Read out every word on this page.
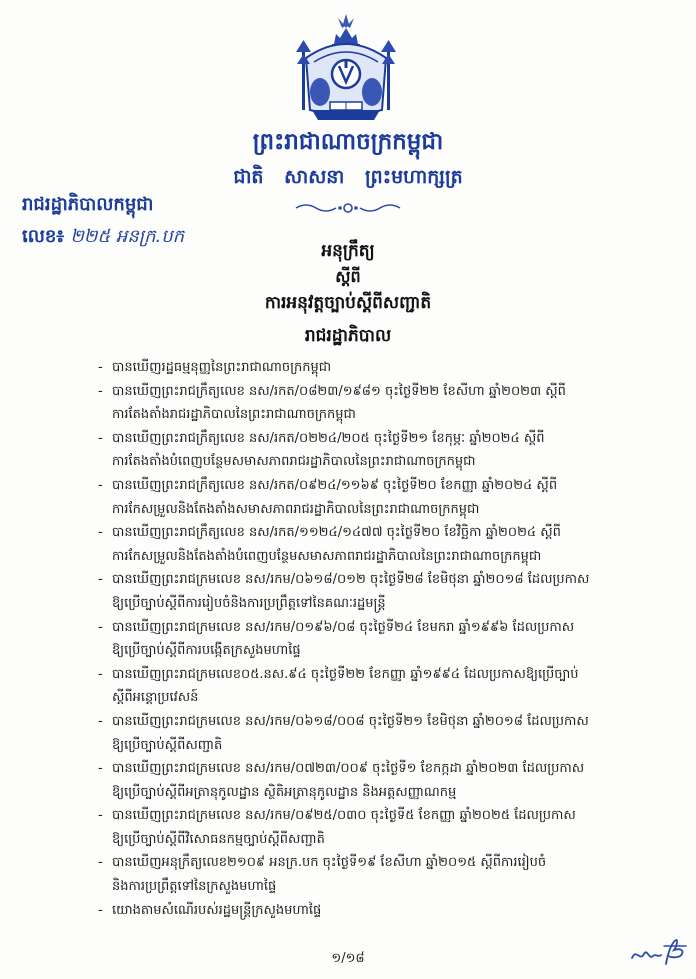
ព្រះរាជាណាចក្រកម្ពុជា
ជាតិ សាសនា ព្រះមហាក្សត្រ
រាជរដ្ឋាភិបាលកម្ពុជា
លេខ៖ ២២៥ អនក្រ.បក
អនុក្រឹត្យ
ស្តីពី
ការអនុវត្តច្បាប់ស្តីពីសញ្ជាតិ
រាជរដ្ឋាភិបាល
- បានឃើញរដ្ឋធម្មនុញ្ញនៃព្រះរាជាណាចក្រកម្ពុជា
- បានឃើញព្រះរាជក្រឹត្យលេខ នស/រកត/០៨២៣/១៩៨១ ចុះថ្ងៃទី២២ ខែសីហា ឆ្នាំ២០២៣ ស្តីពី
ការតែងតាំងរាជរដ្ឋាភិបាលនៃព្រះរាជាណាចក្រកម្ពុជា
- បានឃើញព្រះរាជក្រឹត្យលេខ នស/រកត/០២២៤/២០៥ ចុះថ្ងៃទី២១ ខែកុម្ភៈ ឆ្នាំ២០២៤ ស្តីពី
ការតែងតាំងបំពេញបន្ថែមសមាសភាពរាជរដ្ឋាភិបាលនៃព្រះរាជាណាចក្រកម្ពុជា
- បានឃើញព្រះរាជក្រឹត្យលេខ នស/រកត/០៩២៤/១១៦៩ ចុះថ្ងៃទី២០ ខែកញ្ញា ឆ្នាំ២០២៤ ស្តីពី
ការកែសម្រួលនិងតែងតាំងសមាសភាពរាជរដ្ឋាភិបាលនៃព្រះរាជាណាចក្រកម្ពុជា
- បានឃើញព្រះរាជក្រឹត្យលេខ នស/រកត/១១២៤/១៤៧៧ ចុះថ្ងៃទី២០ ខែវិច្ឆិកា ឆ្នាំ២០២៤ ស្តីពី
ការកែសម្រួលនិងតែងតាំងបំពេញបន្ថែមសមាសភាពរាជរដ្ឋាភិបាលនៃព្រះរាជាណាចក្រកម្ពុជា
- បានឃើញព្រះរាជក្រមលេខ នស/រកម/០៦១៨/០១២ ចុះថ្ងៃទី២៨ ខែមិថុនា ឆ្នាំ២០១៨ ដែលប្រកាស
ឱ្យប្រើច្បាប់ស្តីពីការរៀបចំនិងការប្រព្រឹត្តទៅនៃគណៈរដ្ឋមន្ត្រី
- បានឃើញព្រះរាជក្រមលេខ នស/រកម/០១៩៦/០៨ ចុះថ្ងៃទី២៤ ខែមករា ឆ្នាំ១៩៩៦ ដែលប្រកាស
ឱ្យប្រើច្បាប់ស្តីពីការបង្កើតក្រសួងមហាផ្ទៃ
- បានឃើញព្រះរាជក្រមលេខ០៥.នស.៩៤ ចុះថ្ងៃទី២២ ខែកញ្ញា ឆ្នាំ១៩៩៤ ដែលប្រកាសឱ្យប្រើច្បាប់
ស្តីពីអន្តោប្រវេសន៍
- បានឃើញព្រះរាជក្រមលេខ នស/រកម/០៦១៨/០០៨ ចុះថ្ងៃទី២១ ខែមិថុនា ឆ្នាំ២០១៨ ដែលប្រកាស
ឱ្យប្រើច្បាប់ស្តីពីសញ្ជាតិ
- បានឃើញព្រះរាជក្រមលេខ នស/រកម/០៧២៣/០០៩ ចុះថ្ងៃទី១ ខែកក្កដា ឆ្នាំ២០២៣ ដែលប្រកាស
ឱ្យប្រើច្បាប់ស្តីពីអត្រានុកូលដ្ឋាន ស្ថិតិអត្រានុកូលដ្ឋាន និងអត្តសញ្ញាណកម្ម
- បានឃើញព្រះរាជក្រមលេខ នស/រកម/០៩២៥/០៣០ ចុះថ្ងៃទី៥ ខែកញ្ញា ឆ្នាំ២០២៥ ដែលប្រកាស
ឱ្យប្រើច្បាប់ស្តីពីវិសោធនកម្មច្បាប់ស្តីពីសញ្ជាតិ
- បានឃើញអនុក្រឹត្យលេខ២១០៩ អនក្រ.បក ចុះថ្ងៃទី១៩ ខែសីហា ឆ្នាំ២០១៥ ស្តីពីការរៀបចំ
និងការប្រព្រឹត្តទៅនៃក្រសួងមហាផ្ទៃ
- យោងតាមសំណើរបស់រដ្ឋមន្ត្រីក្រសួងមហាផ្ទៃ
១/១៨
